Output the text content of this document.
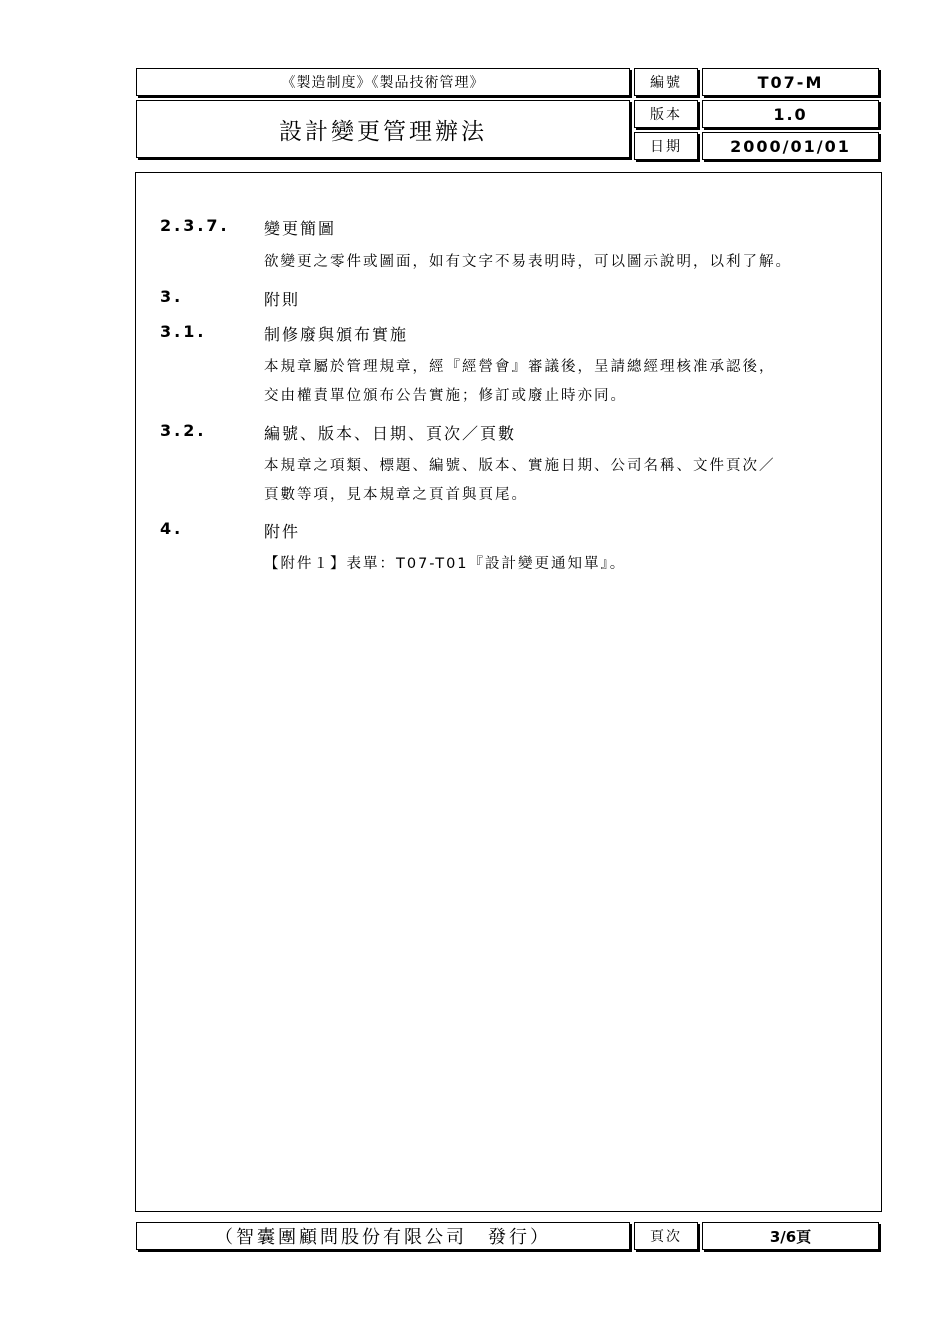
《製造制度》《製品技術管理》
設計變更管理辦法
編號	T07-M
版本	1.0
日期	2000/01/01
2.3.7. 變更簡圖
欲變更之零件或圖面，如有文字不易表明時，可以圖示說明，以利了解。
3.	附則
3.1.	制修廢與頒布實施
本規章屬於管理規章，經『經營會』審議後，呈請總經理核准承認後，
交由權責單位頒布公告實施；修訂或廢止時亦同。
3.2.	編號、版本、日期、頁次／頁數
本規章之項類、標題、編號、版本、實施日期、公司名稱、文件頁次／
頁數等項，見本規章之頁首與頁尾。
4.	附件
【附件１】表單：T07-T01『設計變更通知單』。
（智囊團顧問股份有限公司　發行）	頁次	3/6頁
